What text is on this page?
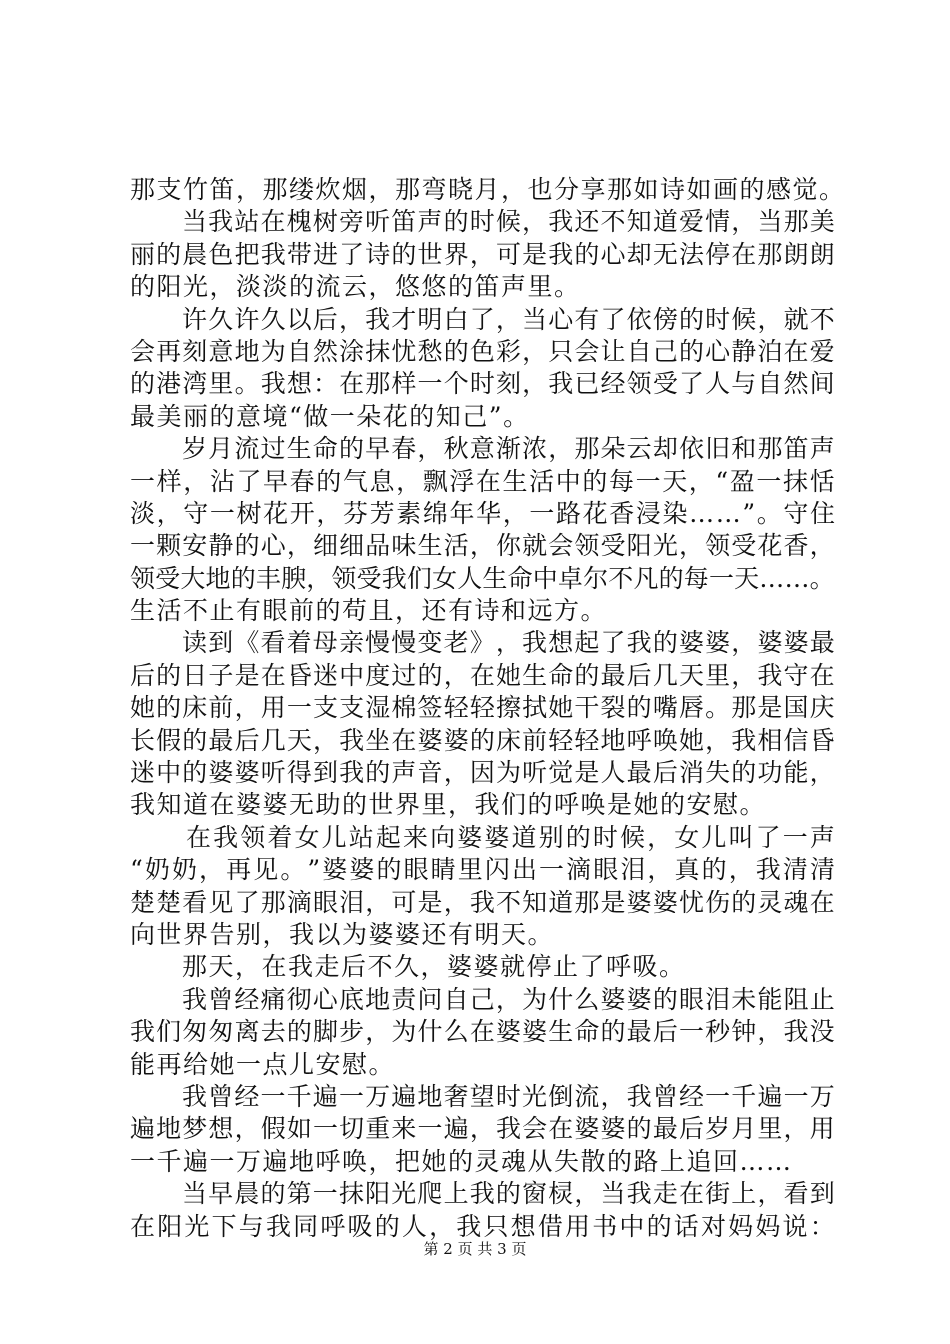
那支竹笛，那缕炊烟，那弯晓月，也分享那如诗如画的感觉。
当 我 站 在 槐 树 旁 听 笛 声 的 时 候 ， 我 还 不 知 道 爱 情 ， 当 那 美
丽 的 晨 色 把 我 带 进 了 诗 的 世 界 ， 可 是 我 的 心 却 无 法 停 在 那 朗 朗
的阳光，淡淡的流云，悠悠的笛声里。
许 久 许 久 以 后 ， 我 才 明 白 了 ， 当 心 有 了 依 傍 的 时 候 ， 就 不
会 再 刻 意 地 为 自 然 涂 抹 忧 愁 的 色 彩 ， 只 会 让 自 己 的 心 静 泊 在 爱
的 港 湾 里 。 我 想 ： 在 那 样 一 个 时 刻 ， 我 已 经 领 受 了 人 与 自 然 间
最美丽的意境“做一朵花的知己”。
岁 月 流 过 生 命 的 早 春 ， 秋 意 渐 浓 ， 那 朵 云 却 依 旧 和 那 笛 声
一 样 ， 沾 了 早 春 的 气 息 ， 飘 浮 在 生 活 中 的 每 一 天 ， “ 盈 一 抹 恬
淡 ， 守 一 树 花 开 ， 芬 芳 素 绵 年 华 ， 一 路 花 香 浸 染 … … ” 。 守 住
一 颗 安 静 的 心 ， 细 细 品 味 生 活 ， 你 就 会 领 受 阳 光 ， 领 受 花 香 ，
领 受 大 地 的 丰 腴 ， 领 受 我 们 女 人 生 命 中 卓 尔 不 凡 的 每 一 天 … … 。
生活不止有眼前的苟且，还有诗和远方。
读 到 《 看 着 母 亲 慢 慢 变 老 》 ， 我 想 起 了 我 的 婆 婆 ， 婆 婆 最
后 的 日 子 是 在 昏 迷 中 度 过 的 ， 在 她 生 命 的 最 后 几 天 里 ， 我 守 在
她 的 床 前 ， 用 一 支 支 湿 棉 签 轻 轻 擦 拭 她 干 裂 的 嘴 唇 。 那 是 国 庆
长 假 的 最 后 几 天 ， 我 坐 在 婆 婆 的 床 前 轻 轻 地 呼 唤 她 ， 我 相 信 昏
迷 中 的 婆 婆 听 得 到 我 的 声 音 ， 因 为 听 觉 是 人 最 后 消 失 的 功 能 ，
我知道在婆婆无助的世界里，我们的呼唤是她的安慰。
在 我 领 着 女 儿 站 起 来 向 婆 婆 道 别 的 时 候 ， 女 儿 叫 了 一 声
“ 奶 奶 ， 再 见 。 ” 婆 婆 的 眼 睛 里 闪 出 一 滴 眼 泪 ， 真 的 ， 我 清 清
楚 楚 看 见 了 那 滴 眼 泪 ， 可 是 ， 我 不 知 道 那 是 婆 婆 忧 伤 的 灵 魂 在
向世界告别，我以为婆婆还有明天。
那天，在我走后不久，婆婆就停止了呼吸。
我 曾 经 痛 彻 心 底 地 责 问 自 己 ， 为 什 么 婆 婆 的 眼 泪 未 能 阻 止
我 们 匆 匆 离 去 的 脚 步 ， 为 什 么 在 婆 婆 生 命 的 最 后 一 秒 钟 ， 我 没
能再给她一点儿安慰。
我 曾 经 一 千 遍 一 万 遍 地 奢 望 时 光 倒 流 ， 我 曾 经 一 千 遍 一 万
遍 地 梦 想 ， 假 如 一 切 重 来 一 遍 ， 我 会 在 婆 婆 的 最 后 岁 月 里 ， 用
一千遍一万遍地呼唤，把她的灵魂从失散的路上追回……
当 早 晨 的 第 一 抹 阳 光 爬 上 我 的 窗 棂 ， 当 我 走 在 街 上 ， 看 到
在 阳 光 下 与 我 同 呼 吸 的 人 ， 我 只 想 借 用 书 中 的 话 对 妈 妈 说 ：
第 2 页 共 3 页
